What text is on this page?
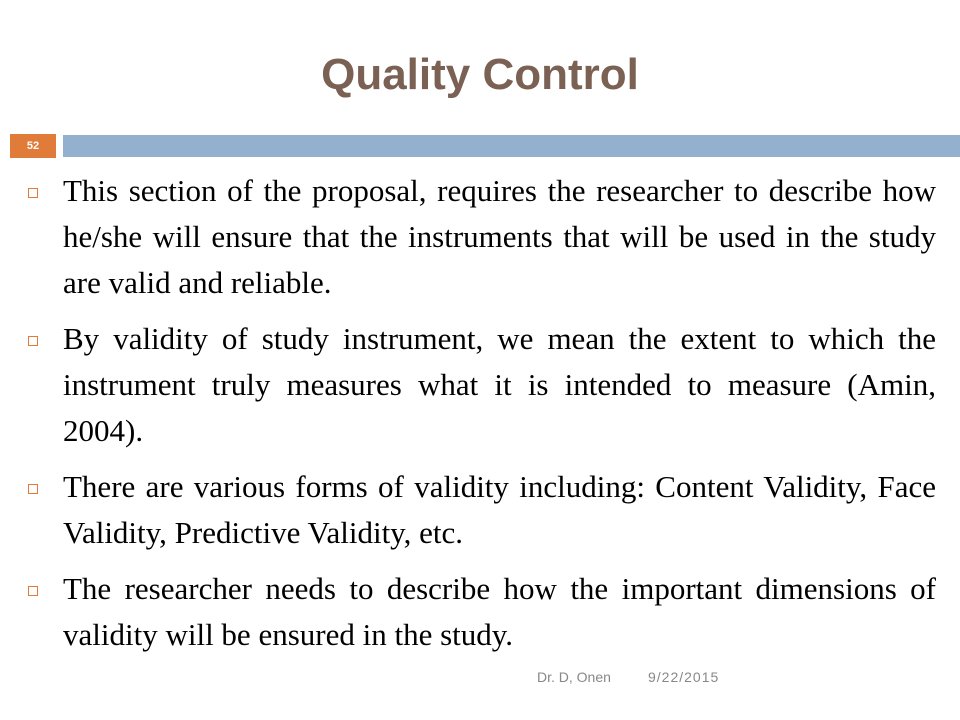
Quality Control
52
This section of the proposal, requires the researcher to describe how he/she will ensure that the instruments that will be used in the study are valid and reliable.
By validity of study instrument, we mean the extent to which the instrument truly measures what it is intended to measure (Amin, 2004).
There are various forms of validity including: Content Validity, Face Validity, Predictive Validity, etc.
The researcher needs to describe how the important dimensions of validity will be ensured in the study.
Dr. D, Onen	9/22/2015
